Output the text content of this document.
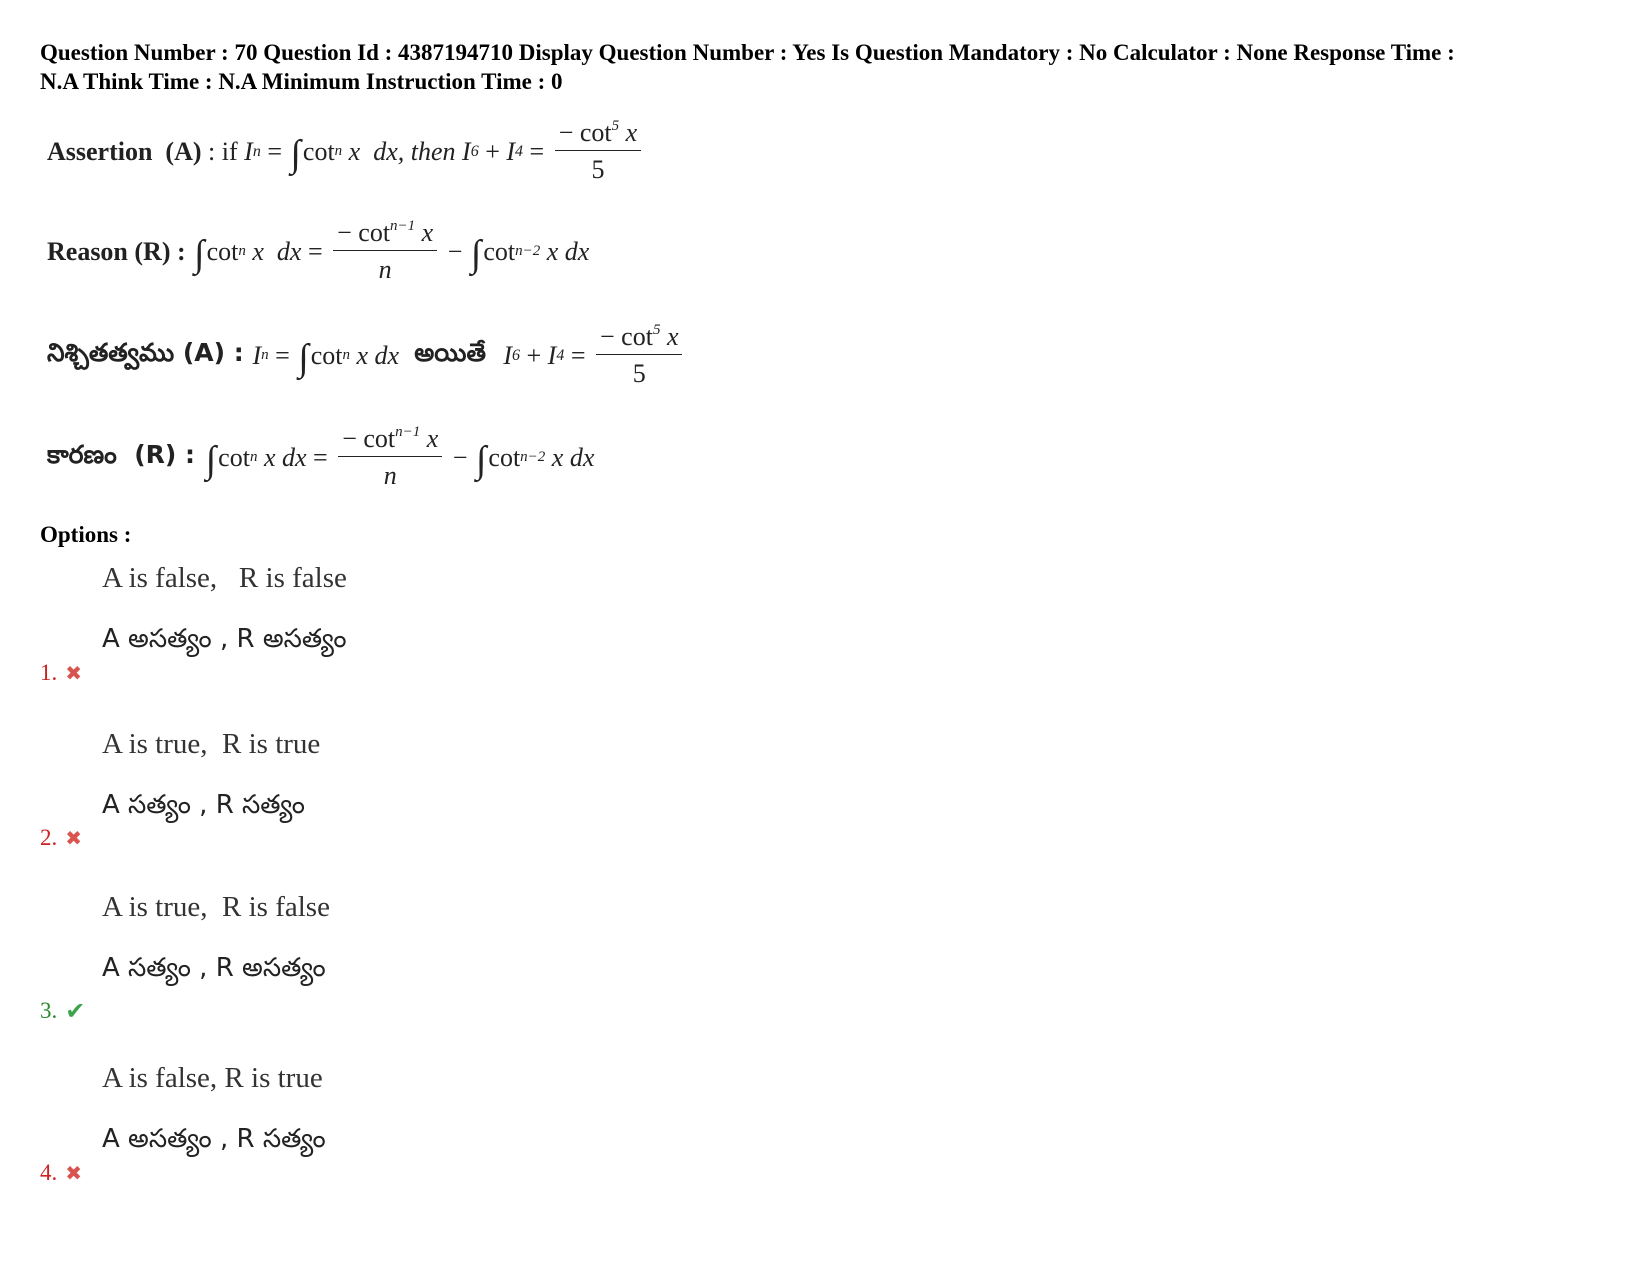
Question Number : 70 Question Id : 4387194710 Display Question Number : Yes Is Question Mandatory : No Calculator : None Response Time :
N.A Think Time : N.A Minimum Instruction Time : 0
Assertion  (A) : if I n = ∫ cot n x  dx, then I 6 + I $4 = \frac{- \cot^5 x}{5}$
Reason (R) : ∫ cot n x  dx = $\frac{- \cot^{n-1} x}{n}$ − ∫ cot n−2 x dx
నిశ్చితత్వము (A) : I n = ∫ cot n x dx అయితే I 6 + I $4 = \frac{- \cot^5 x}{5}$
కారణం  (R) : ∫ cot n x dx = $\frac{- \cot^{n-1} x}{n}$ − ∫ cot n−2 x dx
Options :
A is false,   R is false
A అసత్యం , R అసత్యం
1. ✖
A is true,  R is true
A సత్యం , R సత్యం
2. ✖
A is true,  R is false
A సత్యం , R అసత్యం
3. ✔
A is false, R is true
A అసత్యం , R సత్యం
4. ✖
